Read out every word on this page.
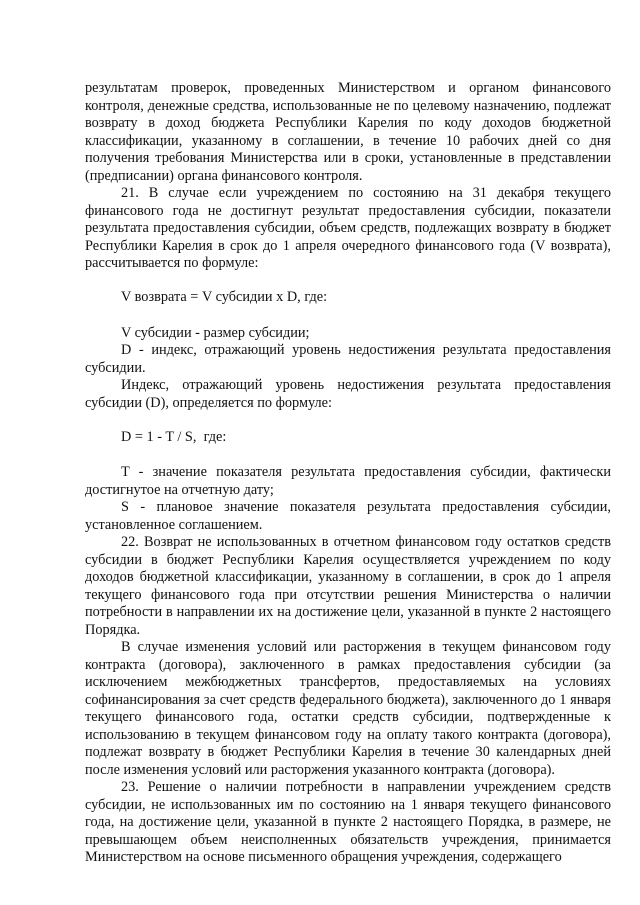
результатам проверок, проведенных Министерством и органом финансового контроля, денежные средства, использованные не по целевому назначению, подлежат возврату в доход бюджета Республики Карелия по коду доходов бюджетной классификации, указанному в соглашении, в течение 10 рабочих дней со дня получения требования Министерства или в сроки, установленные в представлении (предписании) органа финансового контроля.

21. В случае если учреждением по состоянию на 31 декабря текущего финансового года не достигнут результат предоставления субсидии, показатели результата предоставления субсидии, объем средств, подлежащих возврату в бюджет Республики Карелия в срок до 1 апреля очередного финансового года (V возврата), рассчитывается по формуле:

V возврата = V субсидии x D, где:

V субсидии - размер субсидии;

D - индекс, отражающий уровень недостижения результата предоставления субсидии.

Индекс, отражающий уровень недостижения результата предоставления субсидии (D), определяется по формуле:

D = 1 - T / S,  где:

T - значение показателя результата предоставления субсидии, фактически достигнутое на отчетную дату;

S - плановое значение показателя результата предоставления субсидии, установленное соглашением.

22. Возврат не использованных в отчетном финансовом году остатков средств субсидии в бюджет Республики Карелия осуществляется учреждением по коду доходов бюджетной классификации, указанному в соглашении, в срок до 1 апреля текущего финансового года при отсутствии решения Министерства о наличии потребности в направлении их на достижение цели, указанной в пункте 2 настоящего Порядка.

В случае изменения условий или расторжения в текущем финансовом году контракта (договора), заключенного в рамках предоставления субсидии (за исключением межбюджетных трансфертов, предоставляемых на условиях софинансирования за счет средств федерального бюджета), заключенного до 1 января текущего финансового года, остатки средств субсидии, подтвержденные к использованию в текущем финансовом году на оплату такого контракта (договора), подлежат возврату в бюджет Республики Карелия в течение 30 календарных дней после изменения условий или расторжения указанного контракта (договора).

23. Решение о наличии потребности в направлении учреждением средств субсидии, не использованных им по состоянию на 1 января текущего финансового года, на достижение цели, указанной в пункте 2 настоящего Порядка, в размере, не превышающем объем неисполненных обязательств учреждения, принимается Министерством на основе письменного обращения учреждения, содержащего
